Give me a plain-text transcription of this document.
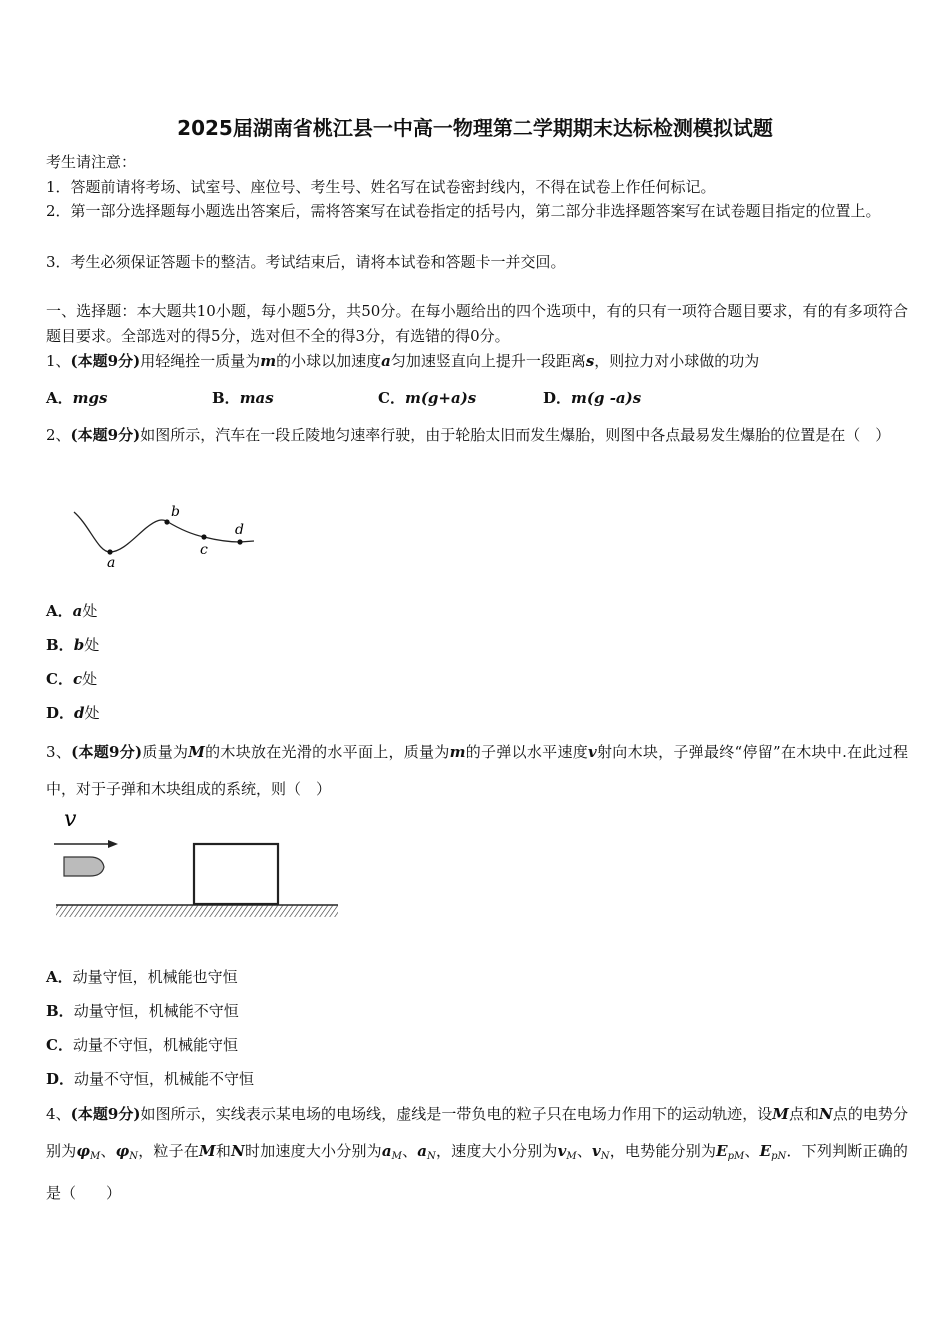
2025届湖南省桃江县一中高一物理第二学期期末达标检测模拟试题
考生请注意：
1．答题前请将考场、试室号、座位号、考生号、姓名写在试卷密封线内，不得在试卷上作任何标记。
2．第一部分选择题每小题选出答案后，需将答案写在试卷指定的括号内，第二部分非选择题答案写在试卷题目指定的位置上。
3．考生必须保证答题卡的整洁。考试结束后，请将本试卷和答题卡一并交回。
一、选择题：本大题共10小题，每小题5分，共50分。在每小题给出的四个选项中，有的只有一项符合题目要求，有的有多项符合题目要求。全部选对的得5分，选对但不全的得3分，有选错的得0分。
1、(本题9分)用轻绳拴一质量为m的小球以加速度a匀加速竖直向上提升一段距离s，则拉力对小球做的功为
A．mgs	B．mas	C．m(g+a)s	D．m(g -a)s
2、(本题9分)如图所示，汽车在一段丘陵地匀速率行驶，由于轮胎太旧而发生爆胎，则图中各点最易发生爆胎的位置是在（　）
a
b
c
d
A．a处
B．b处
C．c处
D．d处
3、(本题9分)质量为M的木块放在光滑的水平面上，质量为m的子弹以水平速度v射向木块，子弹最终“停留”在木块中.在此过程中，对于子弹和木块组成的系统，则（　）
v
A．动量守恒，机械能也守恒
B．动量守恒，机械能不守恒
C．动量不守恒，机械能守恒
D．动量不守恒，机械能不守恒
4、(本题9分)如图所示，实线表示某电场的电场线，虚线是一带负电的粒子只在电场力作用下的运动轨迹，设M点和N点的电势分别为$\varphi_M$、$\varphi_N$，粒子在M和N时加速度大小分别为$a_M$、$a_N$，速度大小分别为$v_M$、$v_N$，电势能分别为$E_{pM}$、$E_{pN}$．下列判断正确的是（　　）
